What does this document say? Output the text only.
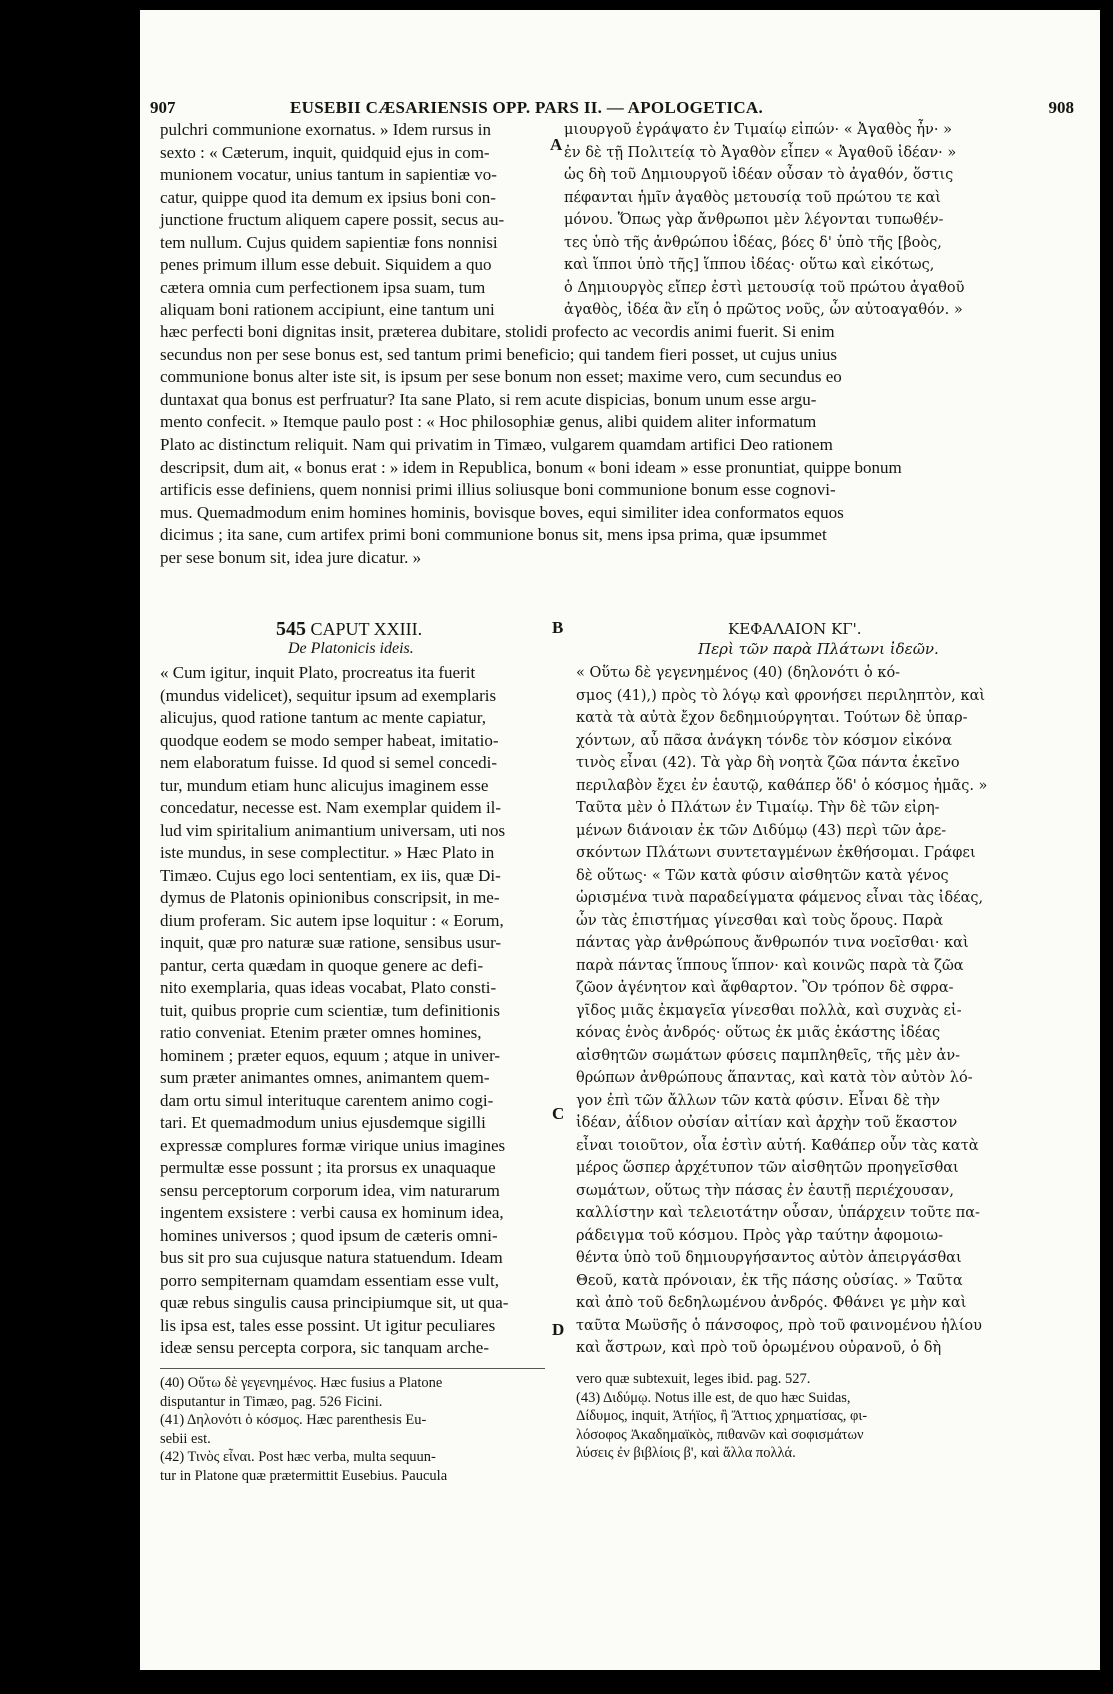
907	EUSEBII CÆSARIENSIS OPP. PARS II. — APOLOGETICA.	908
A
B
C
D
pulchri communione exornatus. » Idem rursus in
sexto : « Cæterum, inquit, quidquid ejus in com-
munionem vocatur, unius tantum in sapientiæ vo-
catur, quippe quod ita demum ex ipsius boni con-
junctione fructum aliquem capere possit, secus au-
tem nullum. Cujus quidem sapientiæ fons nonnisi
penes primum illum esse debuit. Siquidem a quo
cætera omnia cum perfectionem ipsa suam, tum
aliquam boni rationem accipiunt, eine tantum uni
μιουργοῦ ἐγράψατο ἐν Τιμαίῳ εἰπών· « Ἀγαθὸς ἦν· »
ἐν δὲ τῇ Πολιτείᾳ τὸ Ἀγαθὸν εἶπεν « Ἀγαθοῦ ἰδέαν· »
ὡς δὴ τοῦ Δημιουργοῦ ἰδέαν οὖσαν τὸ ἀγαθόν, ὅστις
πέφανται ἡμῖν ἀγαθὸς μετουσίᾳ τοῦ πρώτου τε καὶ
μόνου. Ὅπως γὰρ ἄνθρωποι μὲν λέγονται τυπωθέν-
τες ὑπὸ τῆς ἀνθρώπου ἰδέας, βόες δ' ὑπὸ τῆς [βοὸς,
καὶ ἵπποι ὑπὸ τῆς] ἵππου ἰδέας· οὕτω καὶ εἰκότως,
ὁ Δημιουργὸς εἴπερ ἐστὶ μετουσίᾳ τοῦ πρώτου ἀγαθοῦ
ἀγαθὸς, ἰδέα ἂν εἴη ὁ πρῶτος νοῦς, ὧν αὐτοαγαθόν. »
hæc perfecti boni dignitas insit, præterea dubitare, stolidi profecto ac vecordis animi fuerit. Si enim
secundus non per sese bonus est, sed tantum primi beneficio; qui tandem fieri posset, ut cujus unius
communione bonus alter iste sit, is ipsum per sese bonum non esset; maxime vero, cum secundus eo
duntaxat qua bonus est perfruatur? Ita sane Plato, si rem acute dispicias, bonum unum esse argu-
mento confecit. » Itemque paulo post : « Hoc philosophiæ genus, alibi quidem aliter informatum
Plato ac distinctum reliquit. Nam qui privatim in Timæo, vulgarem quamdam artifici Deo rationem
descripsit, dum ait, « bonus erat : » idem in Republica, bonum « boni ideam » esse pronuntiat, quippe bonum
artificis esse definiens, quem nonnisi primi illius soliusque boni communione bonum esse cognovi-
mus. Quemadmodum enim homines hominis, bovisque boves, equi similiter idea conformatos equos
dicimus ; ita sane, cum artifex primi boni communione bonus sit, mens ipsa prima, quæ ipsummet
per sese bonum sit, idea jure dicatur. »
545 CAPUT XXIII.
De Platonicis ideis.
ΚΕΦΑΛΑΙΟΝ ΚΓ'.
Περὶ τῶν παρὰ Πλάτωνι ἰδεῶν.
« Cum igitur, inquit Plato, procreatus ita fuerit
(mundus videlicet), sequitur ipsum ad exemplaris
alicujus, quod ratione tantum ac mente capiatur,
quodque eodem se modo semper habeat, imitatio-
nem elaboratum fuisse. Id quod si semel concedi-
tur, mundum etiam hunc alicujus imaginem esse
concedatur, necesse est. Nam exemplar quidem il-
lud vim spiritalium animantium universam, uti nos
iste mundus, in sese complectitur. » Hæc Plato in
Timæo. Cujus ego loci sententiam, ex iis, quæ Di-
dymus de Platonis opinionibus conscripsit, in me-
dium proferam. Sic autem ipse loquitur : « Eorum,
inquit, quæ pro naturæ suæ ratione, sensibus usur-
pantur, certa quædam in quoque genere ac defi-
nito exemplaria, quas ideas vocabat, Plato consti-
tuit, quibus proprie cum scientiæ, tum definitionis
ratio conveniat. Etenim præter omnes homines,
hominem ; præter equos, equum ; atque in univer-
sum præter animantes omnes, animantem quem-
dam ortu simul interituque carentem animo cogi-
tari. Et quemadmodum unius ejusdemque sigilli
expressæ complures formæ virique unius imagines
permultæ esse possunt ; ita prorsus ex unaquaque
sensu perceptorum corporum idea, vim naturarum
ingentem exsistere : verbi causa ex hominum idea,
homines universos ; quod ipsum de cæteris omni-
bus sit pro sua cujusque natura statuendum. Ideam
porro sempiternam quamdam essentiam esse vult,
quæ rebus singulis causa principiumque sit, ut qua-
lis ipsa est, tales esse possint. Ut igitur peculiares
ideæ sensu percepta corpora, sic tanquam arche-
« Οὕτω δὲ γεγενημένος (40) (δηλονότι ὁ κό-
σμος (41),) πρὸς τὸ λόγῳ καὶ φρονήσει περιληπτὸν, καὶ
κατὰ τὰ αὐτὰ ἔχον δεδημιούργηται. Τούτων δὲ ὑπαρ-
χόντων, αὖ πᾶσα ἀνάγκη τόνδε τὸν κόσμον εἰκόνα
τινὸς εἶναι (42). Τὰ γὰρ δὴ νοητὰ ζῶα πάντα ἐκεῖνο
περιλαβὸν ἔχει ἐν ἑαυτῷ, καθάπερ ὅδ' ὁ κόσμος ἡμᾶς. »
Ταῦτα μὲν ὁ Πλάτων ἐν Τιμαίῳ. Τὴν δὲ τῶν εἰρη-
μένων διάνοιαν ἐκ τῶν Διδύμῳ (43) περὶ τῶν ἀρε-
σκόντων Πλάτωνι συντεταγμένων ἐκθήσομαι. Γράφει
δὲ οὕτως· « Τῶν κατὰ φύσιν αἰσθητῶν κατὰ γένος
ὡρισμένα τινὰ παραδείγματα φάμενος εἶναι τὰς ἰδέας,
ὧν τὰς ἐπιστήμας γίνεσθαι καὶ τοὺς ὅρους. Παρὰ
πάντας γὰρ ἀνθρώπους ἄνθρωπόν τινα νοεῖσθαι· καὶ
παρὰ πάντας ἵππους ἵππον· καὶ κοινῶς παρὰ τὰ ζῶα
ζῶον ἀγένητον καὶ ἄφθαρτον. Ὃν τρόπον δὲ σφρα-
γῖδος μιᾶς ἐκμαγεῖα γίνεσθαι πολλὰ, καὶ συχνὰς εἰ-
κόνας ἑνὸς ἀνδρός· οὕτως ἐκ μιᾶς ἑκάστης ἰδέας
αἰσθητῶν σωμάτων φύσεις παμπληθεῖς, τῆς μὲν ἀν-
θρώπων ἀνθρώπους ἅπαντας, καὶ κατὰ τὸν αὐτὸν λό-
γον ἐπὶ τῶν ἄλλων τῶν κατὰ φύσιν. Εἶναι δὲ τὴν
ἰδέαν, ἀΐδιον οὐσίαν αἰτίαν καὶ ἀρχὴν τοῦ ἕκαστον
εἶναι τοιοῦτον, οἷα ἐστὶν αὐτή. Καθάπερ οὖν τὰς κατὰ
μέρος ὥσπερ ἀρχέτυπον τῶν αἰσθητῶν προηγεῖσθαι
σωμάτων, οὕτως τὴν πάσας ἐν ἑαυτῇ περιέχουσαν,
καλλίστην καὶ τελειοτάτην οὖσαν, ὑπάρχειν τοῦτε πα-
ράδειγμα τοῦ κόσμου. Πρὸς γὰρ ταύτην ἀφομοιω-
θέντα ὑπὸ τοῦ δημιουργήσαντος αὐτὸν ἀπειργάσθαι
Θεοῦ, κατὰ πρόνοιαν, ἐκ τῆς πάσης οὐσίας. » Ταῦτα
καὶ ἀπὸ τοῦ δεδηλωμένου ἀνδρός. Φθάνει γε μὴν καὶ
ταῦτα Μωϋσῆς ὁ πάνσοφος, πρὸ τοῦ φαινομένου ἡλίου
καὶ ἄστρων, καὶ πρὸ τοῦ ὁρωμένου οὐρανοῦ, ὁ δὴ
(40) Οὕτω δὲ γεγενημένος. Hæc fusius a Platone
disputantur in Timæo, pag. 526 Ficini.
(41) Δηλονότι ὁ κόσμος. Hæc parenthesis Eu-
sebii est.
(42) Τινὸς εἶναι. Post hæc verba, multa sequun-
tur in Platone quæ prætermittit Eusebius. Paucula
vero quæ subtexuit, leges ibid. pag. 527.
(43) Διδύμῳ. Notus ille est, de quo hæc Suidas,
Δίδυμος, inquit, Ἀτήϊος, ἢ Ἄττιος χρηματίσας, φι-
λόσοφος Ἀκαδημαϊκὸς, πιθανῶν καὶ σοφισμάτων
λύσεις ἐν βιβλίοις β', καὶ ἄλλα πολλά.
